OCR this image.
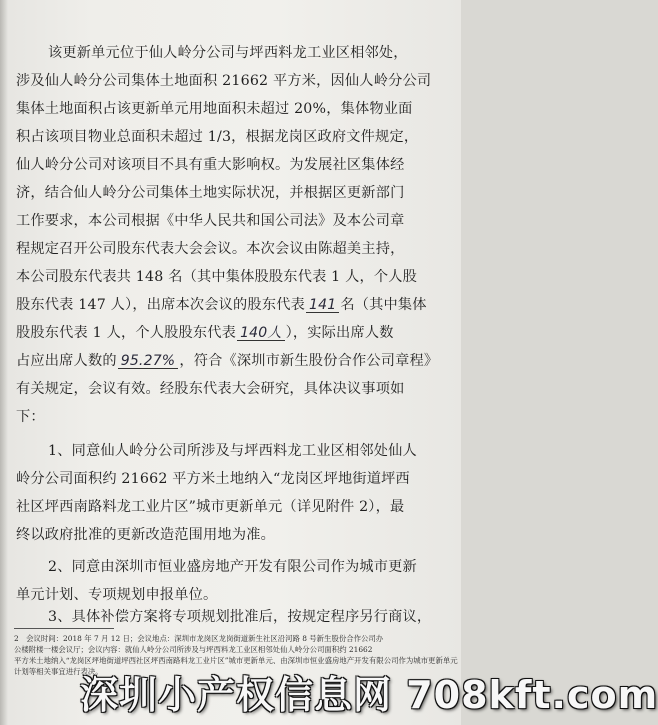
该更新单元位于仙人岭分公司与坪西料龙工业区相邻处，
涉及仙人岭分公司集体土地面积 21662 平方米，因仙人岭分公司
集体土地面积占该更新单元用地面积未超过 20%，集体物业面
积占该项目物业总面积未超过 1/3，根据龙岗区政府文件规定，
仙人岭分公司对该项目不具有重大影响权。为发展社区集体经
济，结合仙人岭分公司集体土地实际状况，并根据区更新部门
工作要求，本公司根据《中华人民共和国公司法》及本公司章
程规定召开公司股东代表大会会议。本次会议由陈超美主持，
本公司股东代表共 148 名（其中集体股股东代表 1 人，个人股
股东代表 147 人），出席本次会议的股东代表 141 名（其中集体
股股东代表 1 人，个人股股东代表 140人 ），实际出席人数
占应出席人数的 95.27% ，符合《深圳市新生股份合作公司章程》
有关规定，会议有效。经股东代表大会研究，具体决议事项如
下：
1、同意仙人岭分公司所涉及与坪西料龙工业区相邻处仙人
岭分公司面积约 21662 平方米土地纳入“龙岗区坪地街道坪西
社区坪西南路料龙工业片区”城市更新单元（详见附件 2），最
终以政府批准的更新改造范围用地为准。
2、同意由深圳市恒业盛房地产开发有限公司作为城市更新
单元计划、专项规划申报单位。
3、具体补偿方案将专项规划批准后，按规定程序另行商议，
2　会议时间：2018 年 7 月 12 日；会议地点：深圳市龙岗区龙岗街道新生社区沿河路 8 号新生股份合作公司办
公楼附楼一楼会议厅；会议内容：就仙人岭分公司所涉及与坪西料龙工业区相邻处仙人岭分公司面积约 21662
平方米土地纳入“龙岗区坪地街道坪西社区坪西南路料龙工业片区”城市更新单元、由深圳市恒业盛房地产开发有限公司作为城市更新单元
计划等相关事宜进行表决。
深圳小产权信息网 708kft.com
